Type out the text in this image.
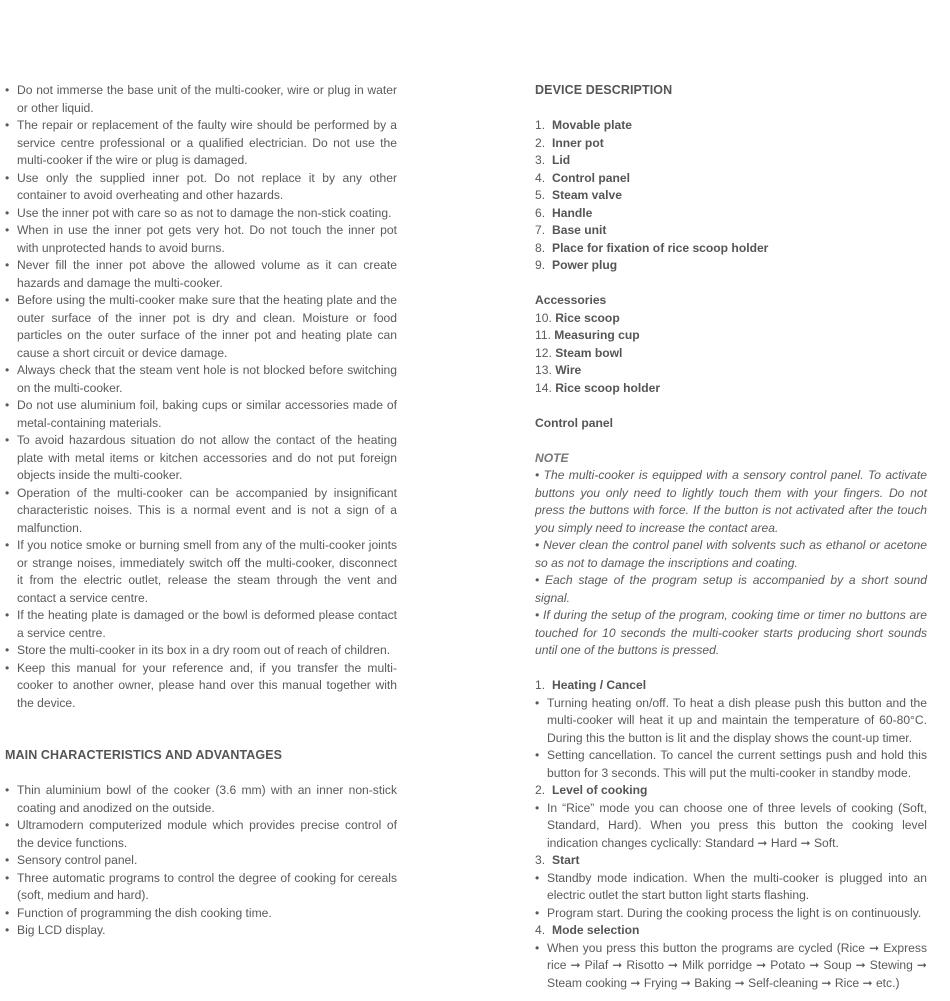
• Do not immerse the base unit of the multi-cooker, wire or plug in water or other liquid.
• The repair or replacement of the faulty wire should be performed by a service centre professional or a qualified electrician. Do not use the multi-cooker if the wire or plug is damaged.
• Use only the supplied inner pot. Do not replace it by any other container to avoid overheating and other hazards.
• Use the inner pot with care so as not to damage the non-stick coating.
• When in use the inner pot gets very hot. Do not touch the inner pot with unprotected hands to avoid burns.
• Never fill the inner pot above the allowed volume as it can create hazards and damage the multi-cooker.
• Before using the multi-cooker make sure that the heating plate and the outer surface of the inner pot is dry and clean. Moisture or food particles on the outer surface of the inner pot and heating plate can cause a short circuit or device damage.
• Always check that the steam vent hole is not blocked before switching on the multi-cooker.
• Do not use aluminium foil, baking cups or similar accessories made of metal-containing materials.
• To avoid hazardous situation do not allow the contact of the heating plate with metal items or kitchen accessories and do not put foreign objects inside the multi-cooker.
• Operation of the multi-cooker can be accompanied by insignificant characteristic noises. This is a normal event and is not a sign of a malfunction.
• If you notice smoke or burning smell from any of the multi-cooker joints or strange noises, immediately switch off the multi-cooker, disconnect it from the electric outlet, release the steam through the vent and contact a service centre.
• If the heating plate is damaged or the bowl is deformed please contact a service centre.
• Store the multi-cooker in its box in a dry room out of reach of children.
• Keep this manual for your reference and, if you transfer the multi-cooker to another owner, please hand over this manual together with the device.
MAIN CHARACTERISTICS AND ADVANTAGES
• Thin aluminium bowl of the cooker (3.6 mm) with an inner non-stick coating and anodized on the outside.
• Ultramodern computerized module which provides precise control of the device functions.
• Sensory control panel.
• Three automatic programs to control the degree of cooking for cereals (soft, medium and hard).
• Function of programming the dish cooking time.
• Big LCD display.
DEVICE DESCRIPTION
1. Movable plate
2. Inner pot
3. Lid
4. Control panel
5. Steam valve
6. Handle
7. Base unit
8. Place for fixation of rice scoop holder
9. Power plug
Accessories
10.
Rice scoop
11.
Measuring cup
12.
Steam bowl
13.
Wire
14.
Rice scoop holder
Control panel
NOTE

• The multi-cooker is equipped with a sensory control panel. To activate buttons you only need to lightly touch them with your fingers. Do not press the buttons with force. If the button is not activated after the touch you simply need to increase the contact area.

• Never clean the control panel with solvents such as ethanol or acetone so as not to damage the inscriptions and coating.

• Each stage of the program setup is accompanied by a short sound signal.

• If during the setup of the program, cooking time or timer no buttons are touched for 10 seconds the multi-cooker starts producing short sounds until one of the buttons is pressed.

1. Heating / Cancel
• Turning heating on/off. To heat a dish please push this button and the multi-cooker will heat it up and maintain the temperature of 60-80°C. During this the button is lit and the display shows the count-up timer.
• Setting cancellation. To cancel the current settings push and hold this button for 3 seconds. This will put the multi-cooker in standby mode.
2. Level of cooking
• In “Rice” mode you can choose one of three levels of cooking (Soft, Standard, Hard). When you press this button the cooking level indication changes cyclically: Standard ➞ Hard ➞ Soft.
3. Start
• Standby mode indication. When the multi-cooker is plugged into an electric outlet the start button light starts flashing.
• Program start. During the cooking process the light is on continuously.
4. Mode selection
• When you press this button the programs are cycled (Rice ➞ Express rice ➞ Pilaf ➞ Risotto ➞ Milk porridge ➞ Potato ➞ Soup ➞ Stewing ➞ Steam cooking ➞ Frying ➞ Baking ➞ Self-cleaning ➞ Rice ➞ etc.)
